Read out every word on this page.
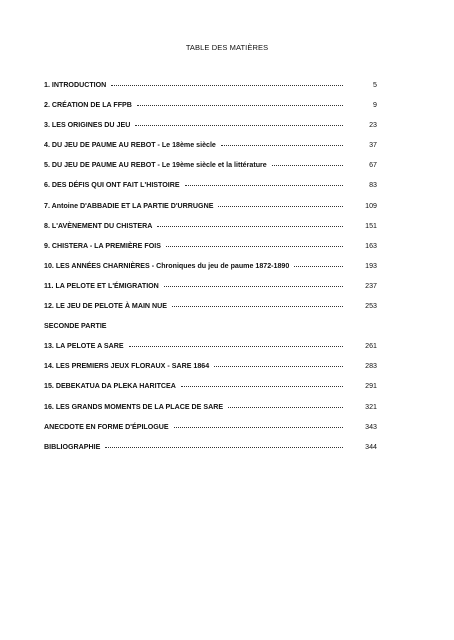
TABLE DES MATIÈRES
1. INTRODUCTION	5
2. CRÉATION DE LA FFPB	9
3. LES ORIGINES DU JEU	23
4. DU JEU DE PAUME AU REBOT - Le 18ème siècle	37
5. DU JEU DE PAUME AU REBOT - Le 19ème siècle et la littérature	67
6. DES DÉFIS QUI ONT FAIT L'HISTOIRE	83
7. Antoine D'ABBADIE ET LA PARTIE D'URRUGNE	109
8. L'AVÈNEMENT DU CHISTERA	151
9. CHISTERA - LA PREMIÈRE FOIS	163
10. LES ANNÉES CHARNIÈRES - Chroniques du jeu de paume 1872-1890	193
11. LA PELOTE ET L'ÉMIGRATION	237
12. LE JEU DE PELOTE À MAIN NUE	253
SECONDE PARTIE
13. LA PELOTE A SARE	261
14. LES PREMIERS JEUX FLORAUX - SARE 1864	283
15. DEBEKATUA DA PLEKA HARITCEA	291
16. LES GRANDS MOMENTS DE LA PLACE DE SARE	321
ANECDOTE EN FORME D'ÉPILOGUE	343
BIBLIOGRAPHIE	344
